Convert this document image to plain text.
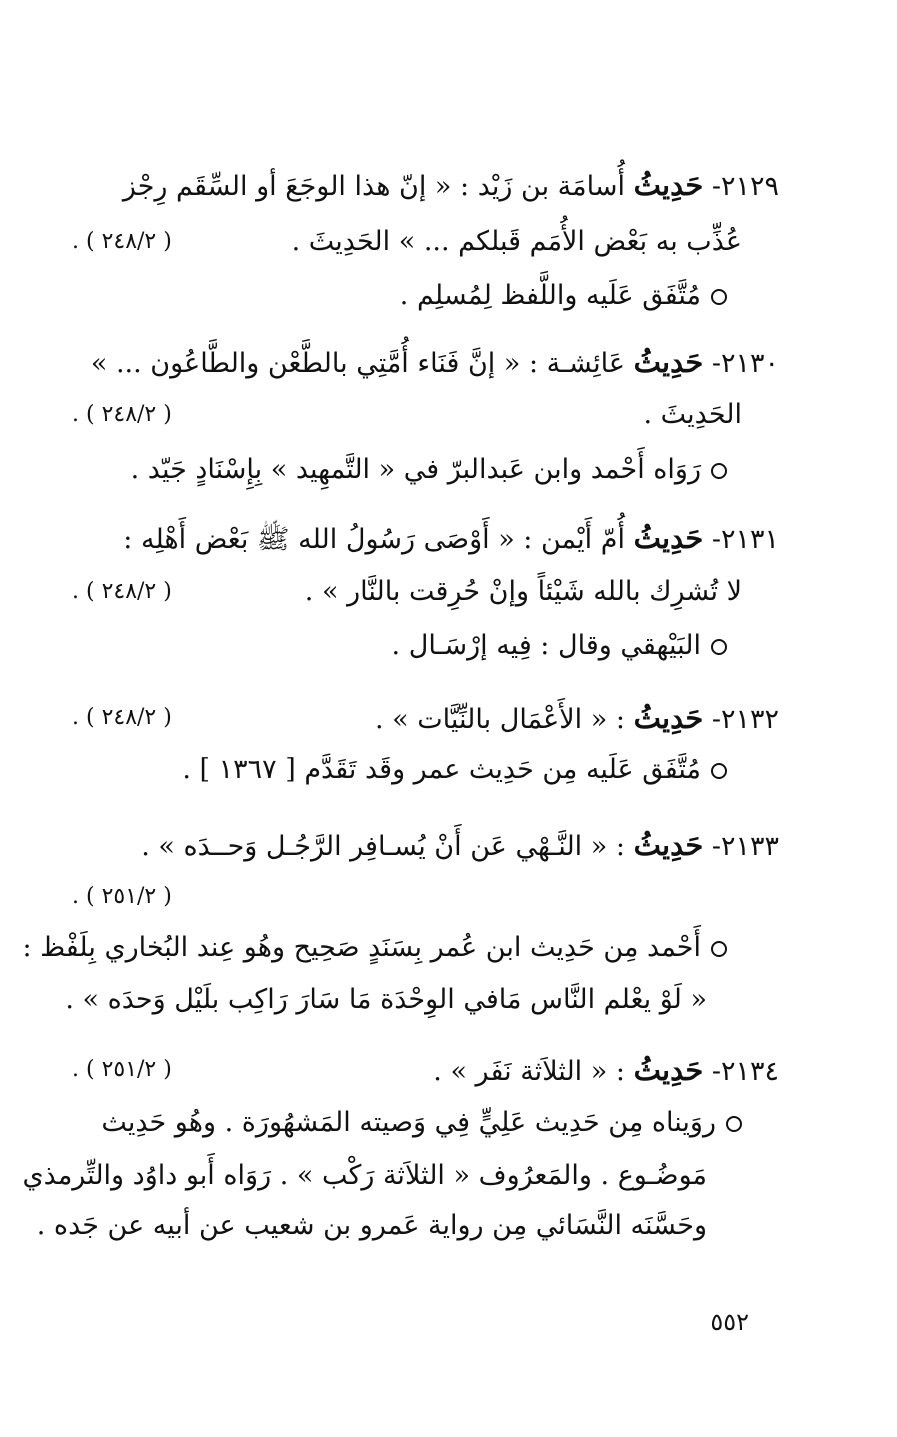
٢١٢٩- حَدِيثُ أُسامَة بن زَيْد : « إنّ هذا الوجَعَ أو السِّقَم رِجْز
عُذِّب به بَعْض الأُمَم قَبلكم ... » الحَدِيثَ .
( ٢٤٨/٢ ) .
مُتَّفَق عَلَيه واللَّفظ لِمُسلِم .
٢١٣٠- حَدِيثُ عَائِشـة : « إنَّ فَنَاء أُمَّتِي بالطَّعْن والطَّاعُون ... »
الحَدِيثَ .
( ٢٤٨/٢ ) .
رَوَاه أَحْمد وابن عَبدالبرّ في « التَّمهِيد » بِإِسْنَادٍ جَيّد .
٢١٣١- حَدِيثُ أُمّ أَيْمن : « أَوْصَى رَسُولُ الله ﷺ بَعْض أَهْلِه :
لا تُشرِك بالله شَيْئاً وإنْ حُرِقت بالنَّار » .
( ٢٤٨/٢ ) .
البَيْهقي وقال : فِيه إرْسَـال .
٢١٣٢- حَدِيثُ : « الأَعْمَال بالنِّيَّات » .
( ٢٤٨/٢ ) .
مُتَّفَق عَلَيه مِن حَدِيث عمر وقَد تَقَدَّم [ ١٣٦٧ ] .
٢١٣٣- حَدِيثُ : « النَّـهْي عَن أَنْ يُسـافِر الرَّجُـل وَحــدَه » .
( ٢٥١/٢ ) .
أَحْمد مِن حَدِيث ابن عُمر بِسَنَدٍ صَحِيح وهُو عِند البُخاري بِلَفْظ :
« لَوْ يعْلم النَّاس مَافي الوِحْدَة مَا سَارَ رَاكِب بلَيْل وَحدَه » .
٢١٣٤- حَدِيثُ : « الثلاَثة نَفَر » .
( ٢٥١/٢ ) .
روَيناه مِن حَدِيث عَلِيٍّ فِي وَصيته المَشهُورَة . وهُو حَدِيث
مَوضُـوع . والمَعرُوف « الثلاَثة رَكْب » . رَوَاه أَبو داوُد والتِّرمذي
وحَسَّنَه النَّسَائي مِن رواية عَمرو بن شعيب عن أبيه عن جَده .
٥٥٢
